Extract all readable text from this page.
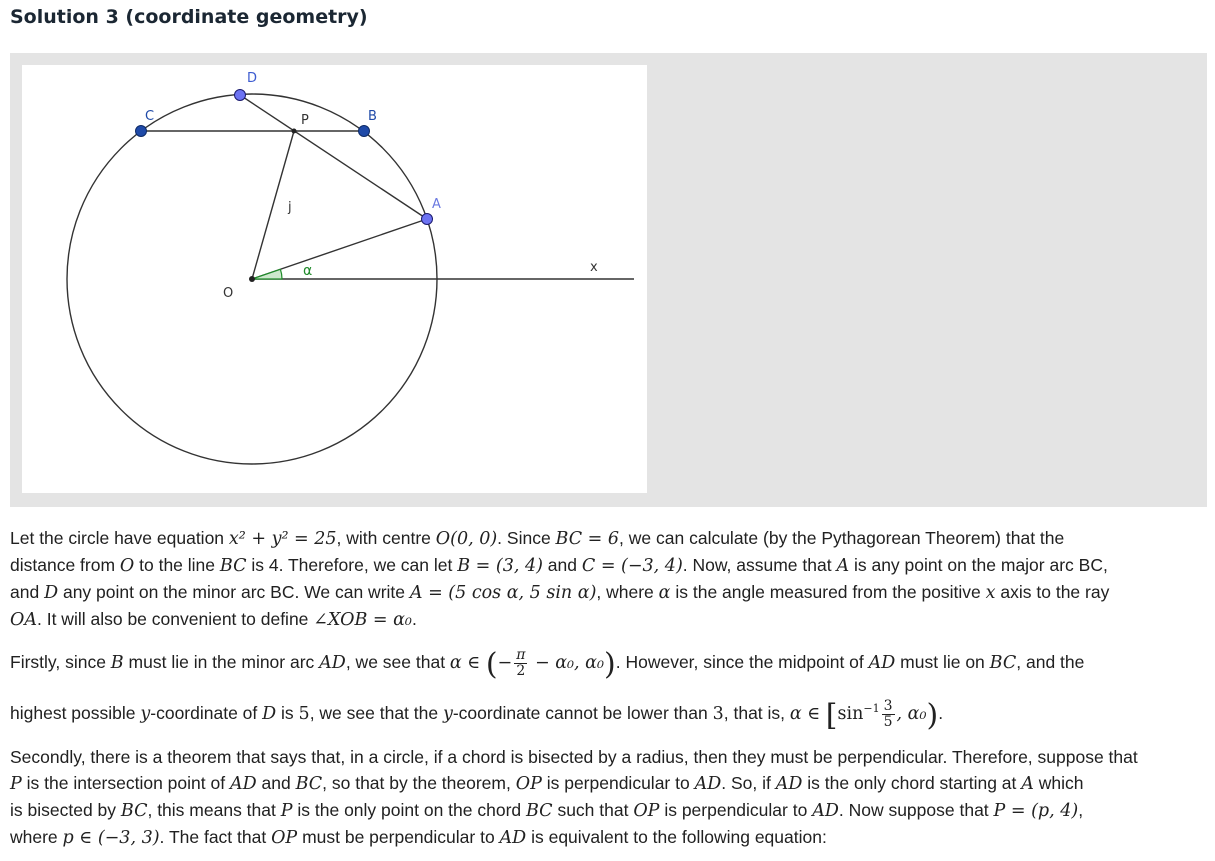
Solution 3 (coordinate geometry)
C
D
P	B
A
j
α
O
x

Let the circle have equation x² + y² = 25, with centre O(0, 0). Since BC = 6, we can calculate (by the Pythagorean Theorem) that the
distance from O to the line BC is 4. Therefore, we can let B = (3, 4) and C = (−3, 4). Now, assume that A is any point on the major arc BC,
and D any point on the minor arc BC. We can write A = (5 cos α, 5 sin α), where α is the angle measured from the positive x axis to the ray
OA. It will also be convenient to define ∠XOB = α₀.

Firstly, since B must lie in the minor arc AD, we see that α ∈ (− $\frac{\pi}{2} - \alpha_0$, α₀). However, since the midpoint of AD must lie on BC, and the
highest possible y-coordinate of D is 5, we see that the y-coordinate cannot be lower than 3, that is, α ∈ [$\sin^{-1} \frac{3}{5}$ , α₀).

Secondly, there is a theorem that says that, in a circle, if a chord is bisected by a radius, then they must be perpendicular. Therefore, suppose that
P is the intersection point of AD and BC, so that by the theorem, OP is perpendicular to AD. So, if AD is the only chord starting at A which
is bisected by BC, this means that P is the only point on the chord BC such that OP is perpendicular to AD. Now suppose that P = (p, 4),
where p ∈ (−3, 3). The fact that OP must be perpendicular to AD is equivalent to the following equation:
